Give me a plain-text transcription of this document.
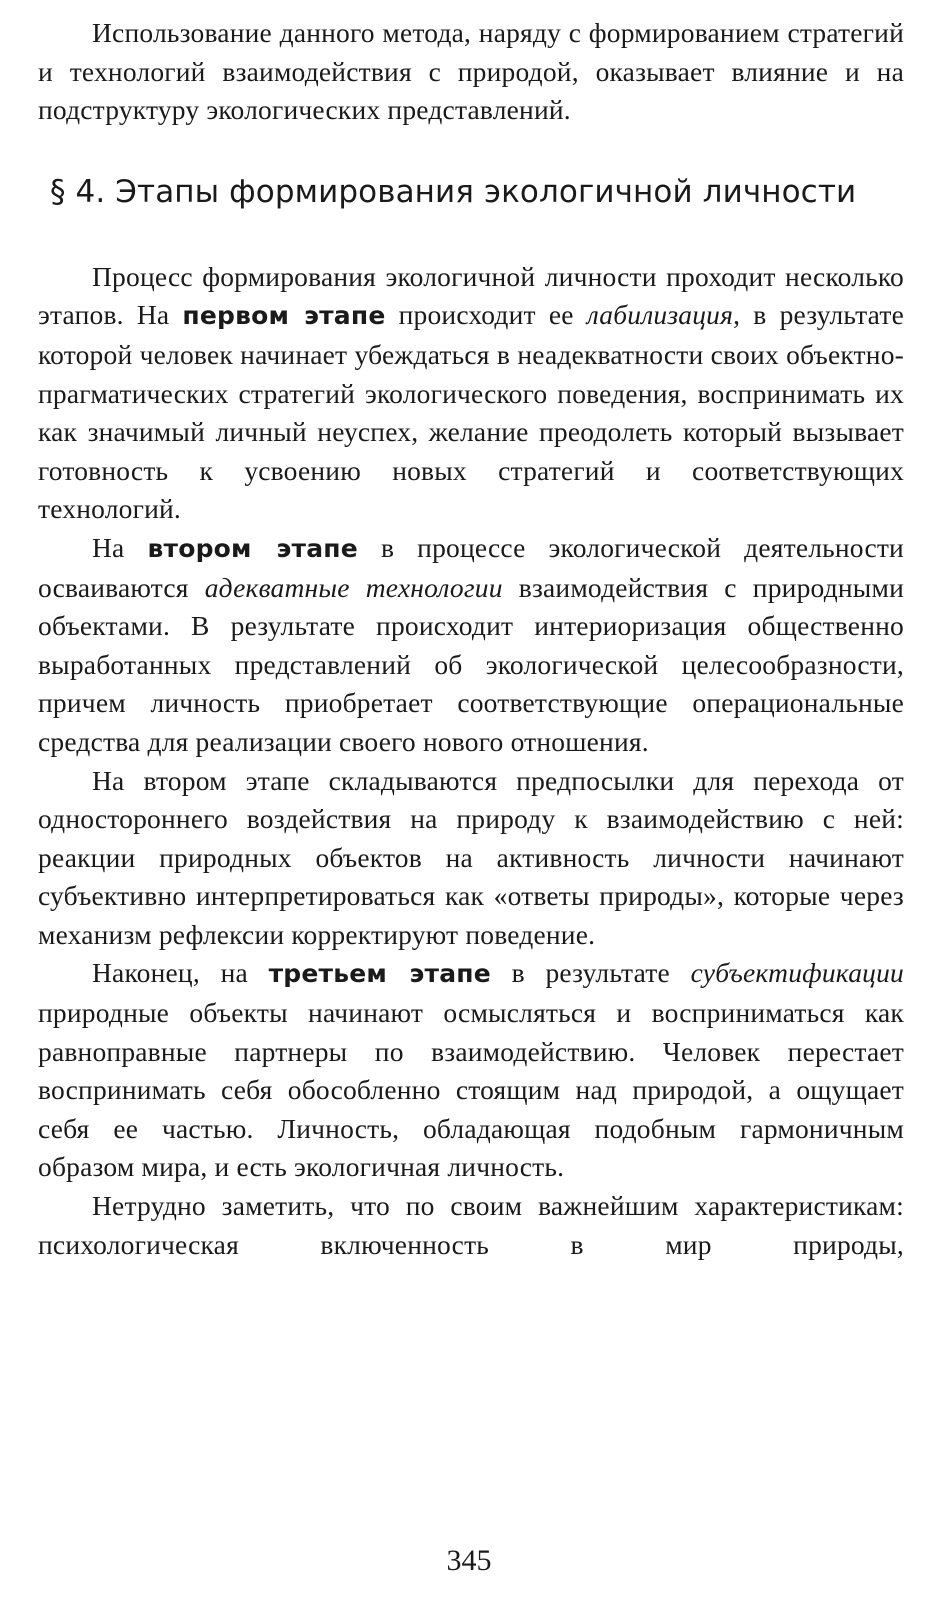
Использование данного метода, наряду с формированием стратегий и технологий взаимодействия с природой, оказывает влияние и на подструктуру экологических представлений.

§ 4. Этапы формирования экологичной личности

Процесс формирования экологичной личности проходит несколько этапов. На первом этапе происходит ее лабилизация, в результате которой человек начинает убеждаться в неадекватности своих объектно-прагматических стратегий экологического поведения, воспринимать их как значимый личный неуспех, желание преодолеть который вызывает готовность к усвоению новых стратегий и соответствующих технологий.

На втором этапе в процессе экологической деятельности осваиваются адекватные технологии взаимодействия с природными объектами. В результате происходит интериоризация общественно выработанных представлений об экологической целесообразности, причем личность приобретает соответствующие операциональные средства для реализации своего нового отношения.

На втором этапе складываются предпосылки для перехода от одностороннего воздействия на природу к взаимодействию с ней: реакции природных объектов на активность личности начинают субъективно интерпретироваться как «ответы природы», которые через механизм рефлексии корректируют поведение.

Наконец, на третьем этапе в результате субъектификации природные объекты начинают осмысляться и восприниматься как равноправные партнеры по взаимодействию. Человек перестает воспринимать себя обособленно стоящим над природой, а ощущает себя ее частью. Личность, обладающая подобным гармоничным образом мира, и есть экологичная личность.

Нетрудно заметить, что по своим важнейшим характеристикам: психологическая включенность в мир природы,

345
